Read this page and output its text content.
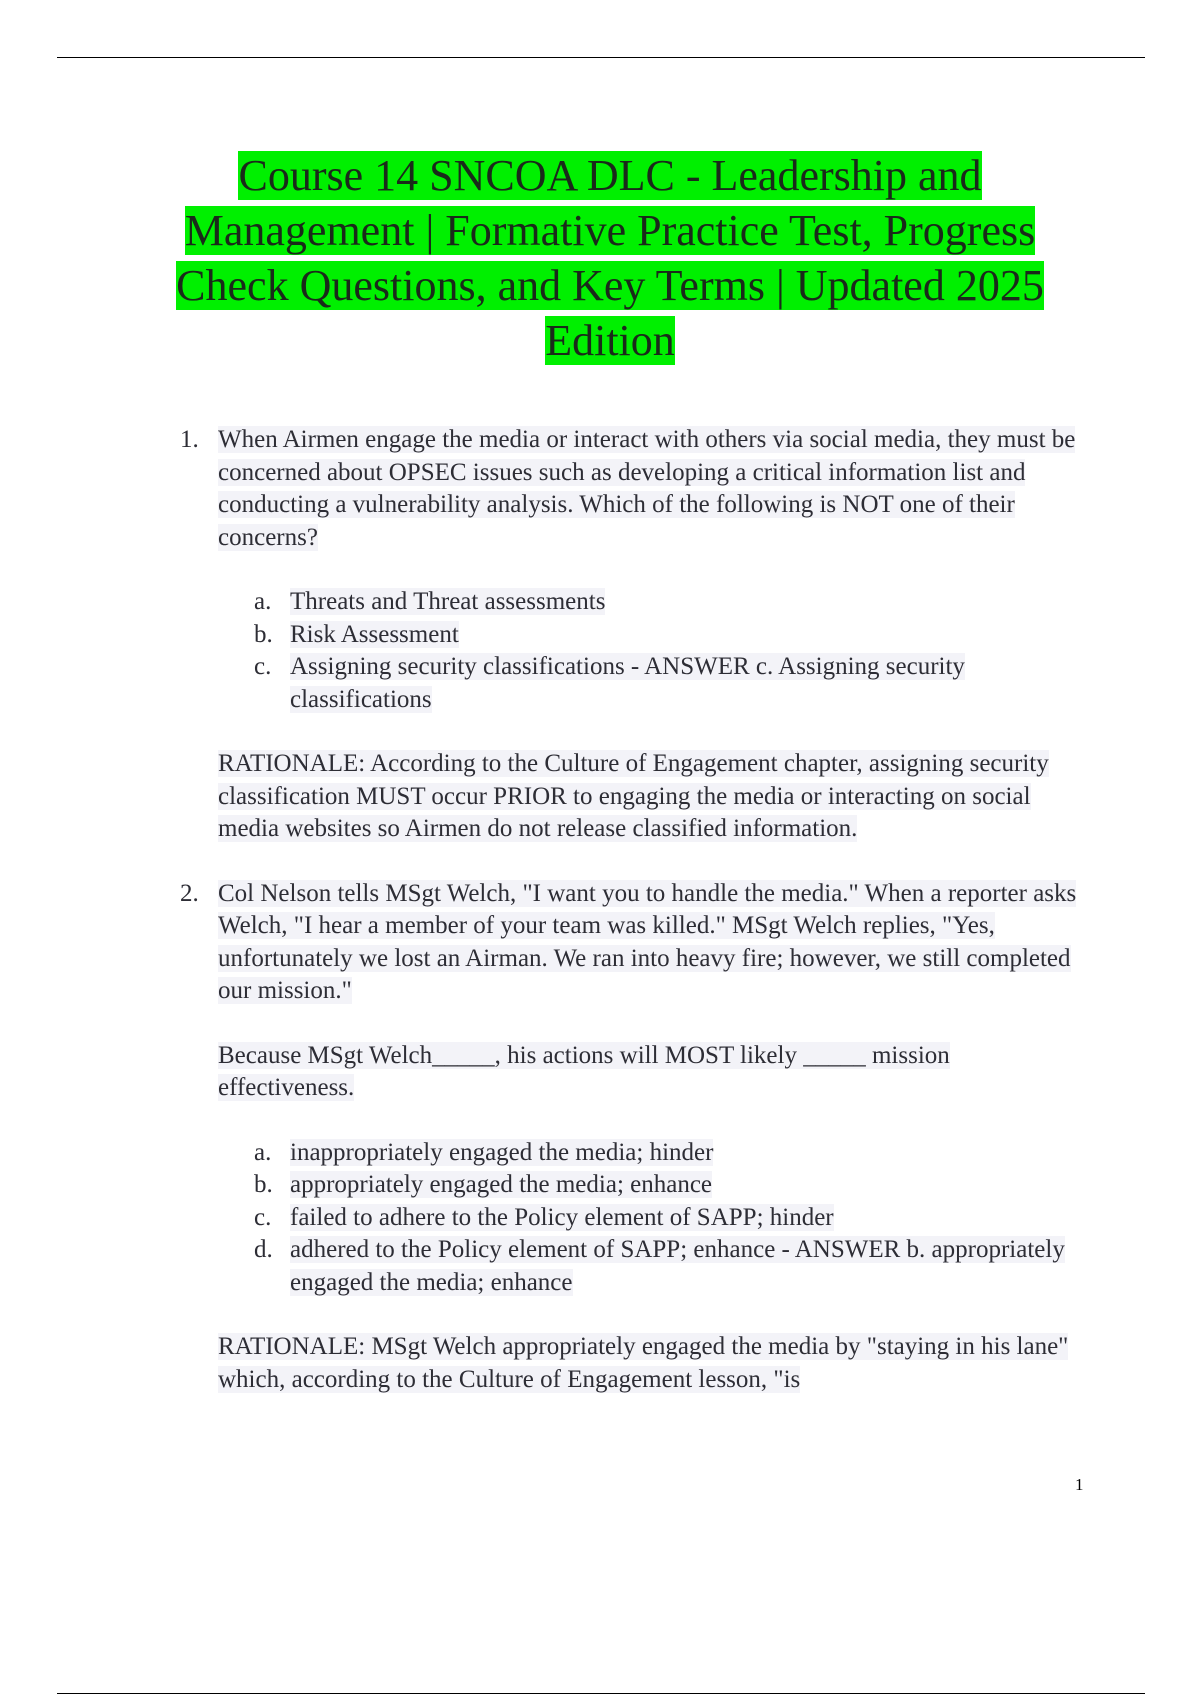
Course 14 SNCOA DLC - Leadership and Management | Formative Practice Test, Progress Check Questions, and Key Terms | Updated 2025 Edition
1. When Airmen engage the media or interact with others via social media, they must be concerned about OPSEC issues such as developing a critical information list and conducting a vulnerability analysis. Which of the following is NOT one of their concerns?
a. Threats and Threat assessments
b. Risk Assessment
c. Assigning security classifications - ANSWER c. Assigning security classifications
RATIONALE: According to the Culture of Engagement chapter, assigning security classification MUST occur PRIOR to engaging the media or interacting on social media websites so Airmen do not release classified information.
2. Col Nelson tells MSgt Welch, "I want you to handle the media." When a reporter asks Welch, "I hear a member of your team was killed." MSgt Welch replies, "Yes, unfortunately we lost an Airman. We ran into heavy fire; however, we still completed our mission."
Because MSgt Welch_____, his actions will MOST likely _____ mission effectiveness.
a. inappropriately engaged the media; hinder
b. appropriately engaged the media; enhance
c. failed to adhere to the Policy element of SAPP; hinder
d. adhered to the Policy element of SAPP; enhance - ANSWER b. appropriately engaged the media; enhance
RATIONALE: MSgt Welch appropriately engaged the media by "staying in his lane" which, according to the Culture of Engagement lesson, "is
1
